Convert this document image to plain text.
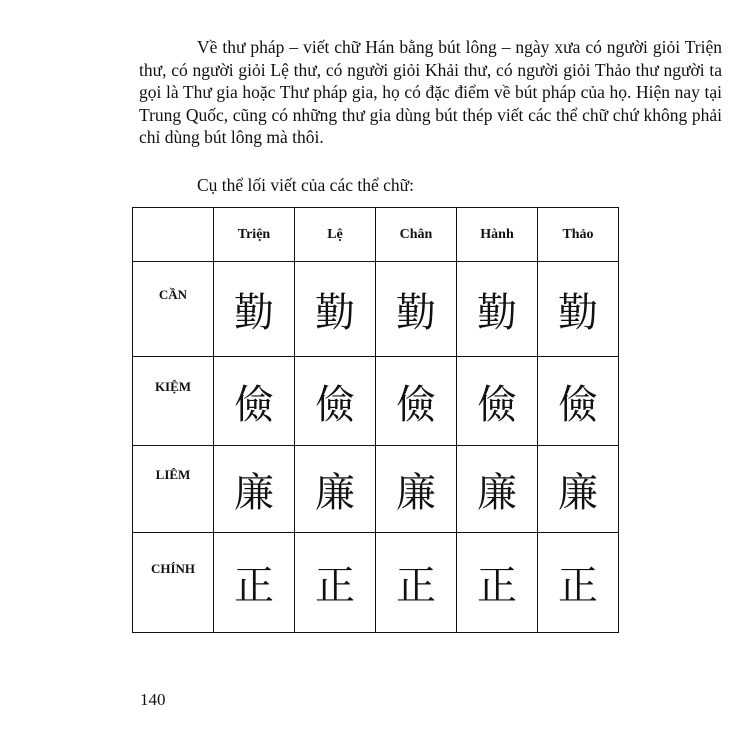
Về thư pháp – viết chữ Hán bằng bút lông – ngày xưa có người giỏi Triện thư, có người giỏi Lệ thư, có người giỏi Khải thư, có người giỏi Thảo thư người ta gọi là Thư gia hoặc Thư pháp gia, họ có đặc điểm về bút pháp của họ. Hiện nay tại Trung Quốc, cũng có những thư gia dùng bút thép viết các thể chữ chứ không phải chỉ dùng bút lông mà thôi.
Cụ thể lối viết của các thể chữ:
	Triện	Lệ	Chân	Hành	Thảo
$^{CẦN}$	勤	勤	勤	勤	勤
$^{KIỆM}$	儉	儉	儉	儉	儉
$^{LIÊM}$	廉	廉	廉	廉	廉
$^{CHÍNH}$	正	正	正	正	正
140
